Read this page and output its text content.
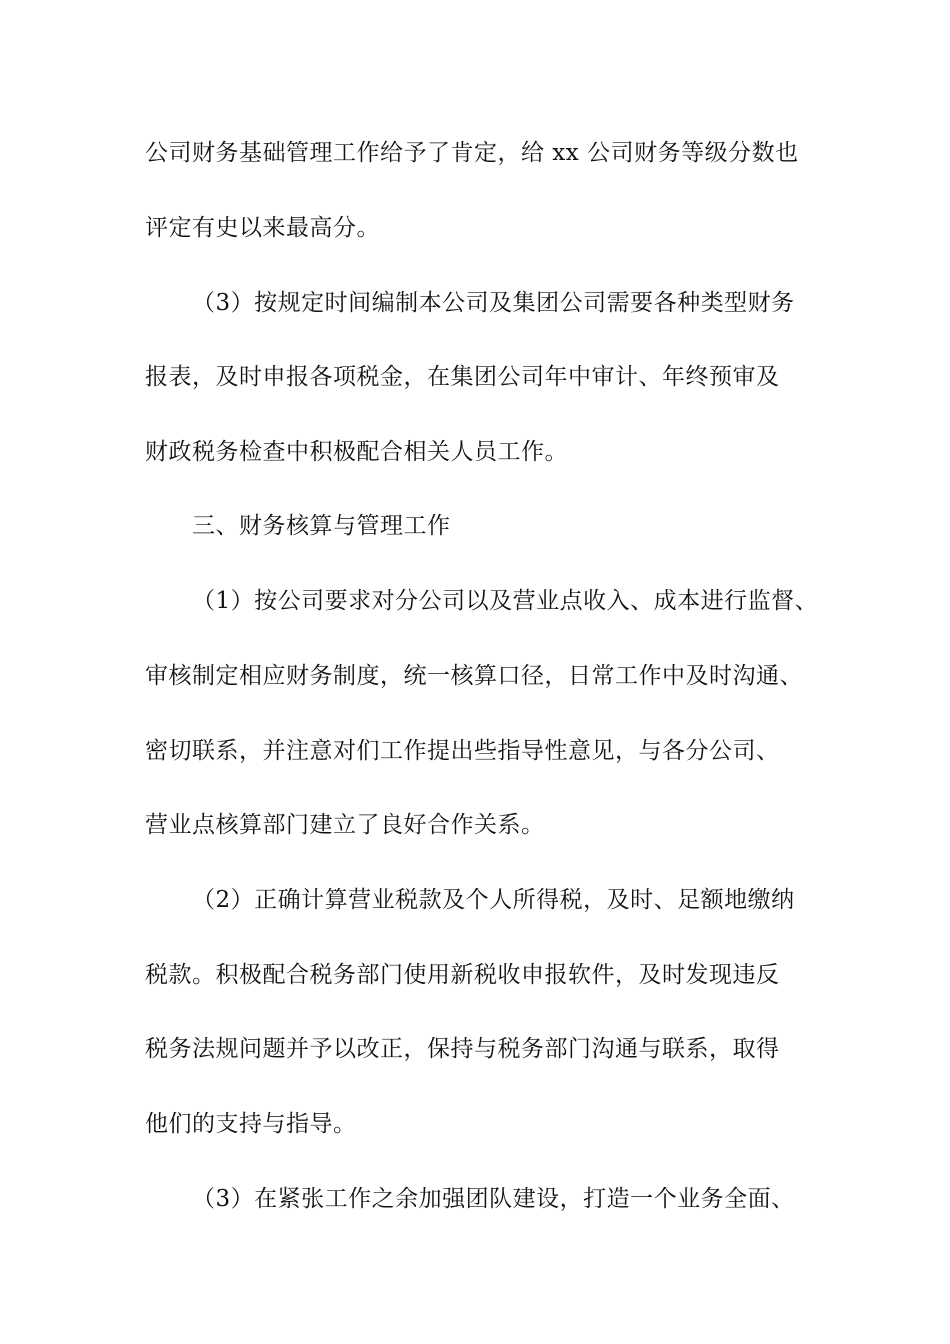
公司财务基础管理工作给予了肯定，给 xx 公司财务等级分数也
评定有史以来最高分。
（3）按规定时间编制本公司及集团公司需要各种类型财务
报表，及时申报各项税金，在集团公司年中审计、年终预审及
财政税务检查中积极配合相关人员工作。
三、财务核算与管理工作
（1）按公司要求对分公司以及营业点收入、成本进行监督、
审核制定相应财务制度，统一核算口径，日常工作中及时沟通、
密切联系，并注意对们工作提出些指导性意见，与各分公司、
营业点核算部门建立了良好合作关系。
（2）正确计算营业税款及个人所得税，及时、足额地缴纳
税款。积极配合税务部门使用新税收申报软件，及时发现违反
税务法规问题并予以改正，保持与税务部门沟通与联系，取得
他们的支持与指导。
（3）在紧张工作之余加强团队建设，打造一个业务全面、
